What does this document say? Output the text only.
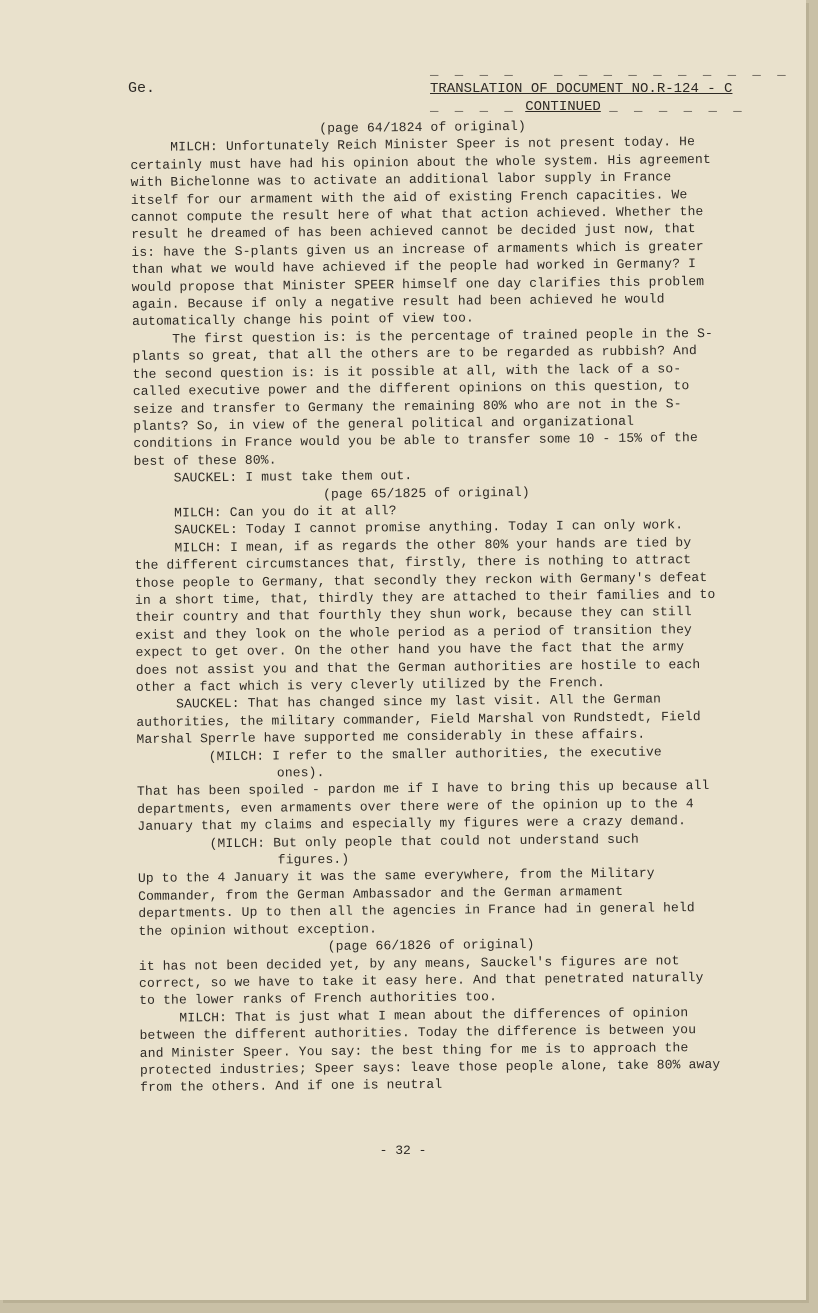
Ge.
_ _ _ _   _ _ _ _ _ _ _ _ _ _
TRANSLATION OF DOCUMENT NO.R-124 - C
_ _ _ _ CONTINUED _ _ _ _ _ _

(page 64/1824 of original)

MILCH: Unfortunately Reich Minister Speer is not present today. He certainly must have had his opinion about the whole system. His agreement with Bichelonne was to activate an additional labor supply in France itself for our armament with the aid of existing French capacities. We cannot compute the result here of what that action achieved. Whether the result he dreamed of has been achieved cannot be decided just now, that is: have the S-plants given us an increase of armaments which is greater than what we would have achieved if the people had worked in Germany? I would propose that Minister SPEER himself one day clarifies this problem again. Because if only a negative result had been achieved he would automatically change his point of view too.

The first question is: is the percentage of trained people in the S-plants so great, that all the others are to be regarded as rubbish? And the second question is: is it possible at all, with the lack of a so-called executive power and the different opinions on this question, to seize and transfer to Germany the remaining 80% who are not in the S-plants? So, in view of the general political and organizational conditions in France would you be able to transfer some 10 - 15% of the best of these 80%.

SAUCKEL: I must take them out.

(page 65/1825 of original)

MILCH: Can you do it at all?

SAUCKEL: Today I cannot promise anything. Today I can only work.

MILCH: I mean, if as regards the other 80% your hands are tied by the different circumstances that, firstly, there is nothing to attract those people to Germany, that secondly they reckon with Germany's defeat in a short time, that, thirdly they are attached to their families and to their country and that fourthly they shun work, because they can still exist and they look on the whole period as a period of transition they expect to get over. On the other hand you have the fact that the army does not assist you and that the German authorities are hostile to each other a fact which is very cleverly utilized by the French.

SAUCKEL: That has changed since my last visit. All the German authorities, the military commander, Field Marshal von Rundstedt, Field Marshal Sperrle have supported me considerably in these affairs.

(MILCH: I refer to the smaller authorities, the executive
ones).

That has been spoiled - pardon me if I have to bring this up because all departments, even armaments over there were of the opinion up to the 4 January that my claims and especially my figures were a crazy demand.

(MILCH: But only people that could not understand such
figures.)

Up to the 4 January it was the same everywhere, from the Military Commander, from the German Ambassador and the German armament departments. Up to then all the agencies in France had in general held the opinion without exception.

(page 66/1826 of original)

it has not been decided yet, by any means, Sauckel's figures are not correct, so we have to take it easy here. And that penetrated naturally to the lower ranks of French authorities too.

MILCH: That is just what I mean about the differences of opinion between the different authorities. Today the difference is between you and Minister Speer. You say: the best thing for me is to approach the protected industries; Speer says: leave those people alone, take 80% away from the others. And if one is neutral

- 32 -
